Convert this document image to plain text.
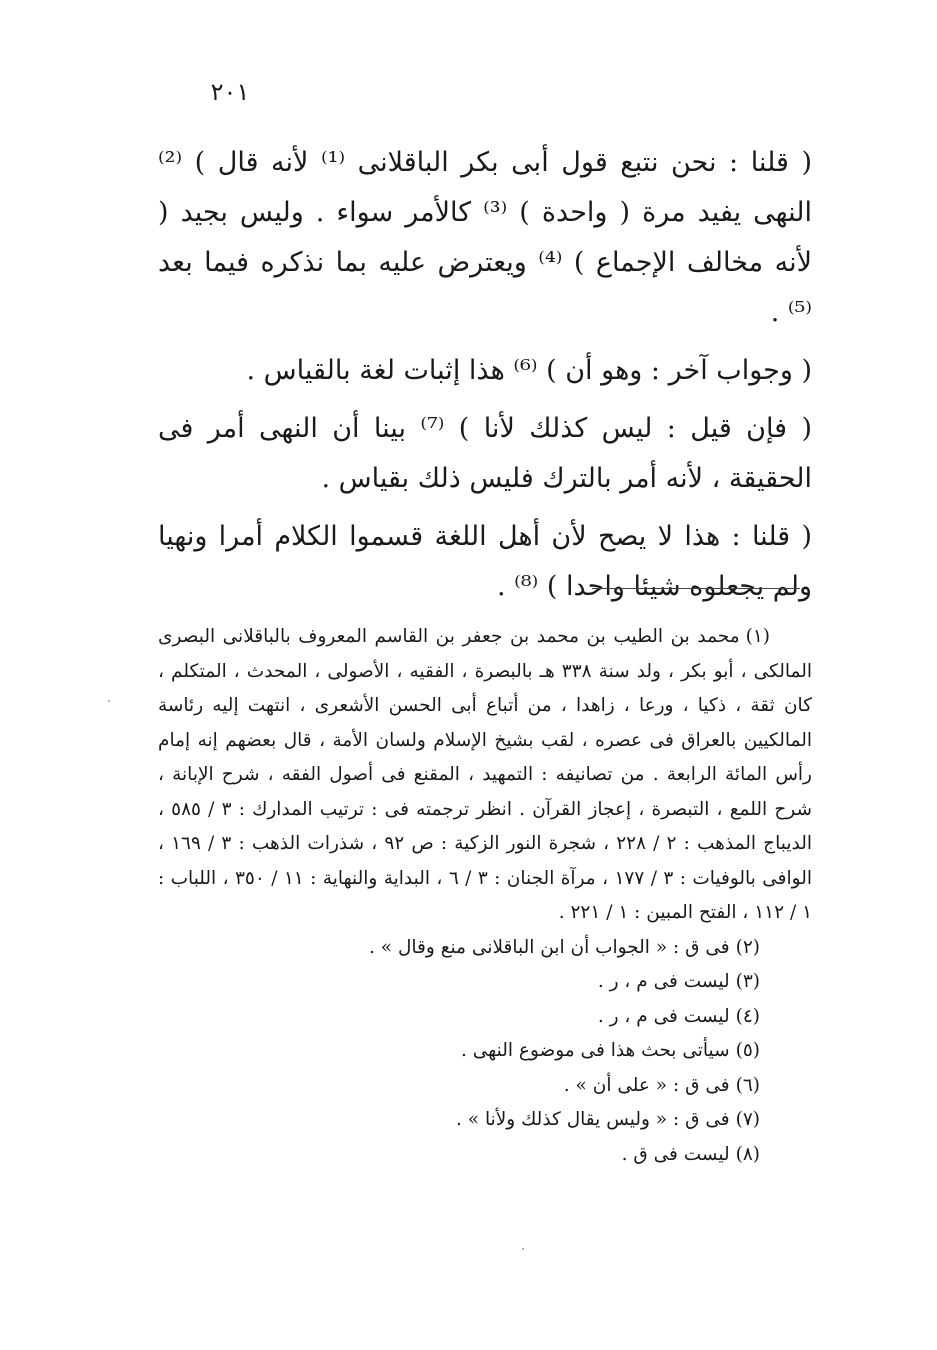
٢٠١

( قلنا : نحن نتبع قول أبى بكر الباقلانى ⁽¹⁾ لأنه قال ) ⁽²⁾ النهى يفيد مرة ( واحدة ) ⁽³⁾ كالأمر سواء . وليس بجيد ( لأنه مخالف الإجماع ) ⁽⁴⁾ ويعترض عليه بما نذكره فيما بعد ⁽⁵⁾ .

( وجواب آخر : وهو أن ) ⁽⁶⁾ هذا إثبات لغة بالقياس .

( فإن قيل : ليس كذلك لأنا ) ⁽⁷⁾ بينا أن النهى أمر فى الحقيقة ، لأنه أمر بالترك فليس ذلك بقياس .

( قلنا : هذا لا يصح لأن أهل اللغة قسموا الكلام أمرا ونهيا ولم يجعلوه شيئا واحدا ) ⁽⁸⁾ .

(١)محمد بن الطيب بن محمد بن جعفر بن القاسم المعروف بالباقلانى البصرى المالكى ، أبو بكر ، ولد سنة ٣٣٨ هـ بالبصرة ، الفقيه ، الأصولى ، المحدث ، المتكلم ، كان ثقة ، ذكيا ، ورعا ، زاهدا ، من أتباع أبى الحسن الأشعرى ، انتهت إليه رئاسة المالكيين بالعراق فى عصره ، لقب بشيخ الإسلام ولسان الأمة ، قال بعضهم إنه إمام رأس المائة الرابعة . من تصانيفه : التمهيد ، المقنع فى أصول الفقه ، شرح الإبانة ، شرح اللمع ، التبصرة ، إعجاز القرآن . انظر ترجمته فى : ترتيب المدارك : ٣ / ٥٨٥ ، الديباج المذهب : ٢ / ٢٢٨ ، شجرة النور الزكية : ص ٩٢ ، شذرات الذهب : ٣ / ١٦٩ ، الوافى بالوفيات : ٣ / ١٧٧ ، مرآة الجنان : ٣ / ٦ ، البداية والنهاية : ١١ / ٣٥٠ ، اللباب : ١ / ١١٢ ، الفتح المبين : ١ / ٢٢١ .

(٢)فى ق : « الجواب أن ابن الباقلانى منع وقال » .

(٣)ليست فى م ، ر .

(٤)ليست فى م ، ر .

(٥)سيأتى بحث هذا فى موضوع النهى .

(٦)فى ق : « على أن » .

(٧)فى ق : « وليس يقال كذلك ولأنا » .

(٨)ليست فى ق .
